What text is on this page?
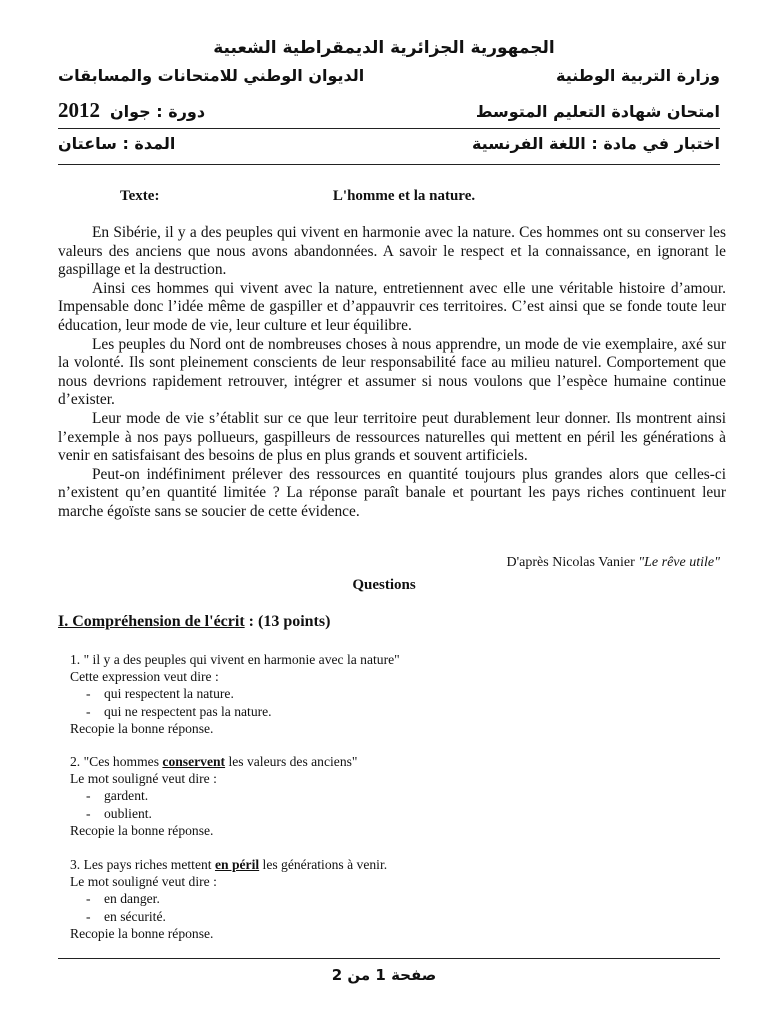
الجمهورية الجزائرية الديمقراطية الشعبية
الديوان الوطني للامتحانات والمسابقات	وزارة التربية الوطنية
2012 دورة : جوان	امتحان شهادة التعليم المتوسط
المدة : ساعتان	اختبار في مادة : اللغة الفرنسية
Texte:	L'homme et la nature.

En Sibérie, il y a des peuples qui vivent en harmonie avec la nature. Ces hommes ont su conserver les valeurs des anciens que nous avons abandonnées. A savoir le respect et la connaissance, en ignorant le gaspillage et la destruction.

Ainsi ces hommes qui vivent avec la nature, entretiennent avec elle une véritable histoire d’amour. Impensable donc l’idée même de gaspiller et d’appauvrir ces territoires. C’est ainsi que se fonde toute leur éducation, leur mode de vie, leur culture et leur équilibre.

Les peuples du Nord ont de nombreuses choses à nous apprendre, un mode de vie exemplaire, axé sur la volonté. Ils sont pleinement conscients de leur responsabilité face au milieu naturel. Comportement que nous devrions rapidement retrouver, intégrer et assumer si nous voulons que l’espèce humaine continue d’exister.

Leur mode de vie s’établit sur ce que leur territoire peut durablement leur donner. Ils montrent ainsi l’exemple à nos pays pollueurs, gaspilleurs de ressources naturelles qui mettent en péril les générations à venir en satisfaisant des besoins de plus en plus grands et souvent artificiels.

Peut-on indéfiniment prélever des ressources en quantité toujours plus grandes alors que celles-ci n’existent qu’en quantité limitée ? La réponse paraît banale et pourtant les pays riches continuent leur marche égoïste sans se soucier de cette évidence.

D'après Nicolas Vanier "Le rêve utile"
Questions
I. Compréhension de l'écrit : (13 points)
1. " il y a des peuples qui vivent en harmonie avec la nature"
Cette expression veut dire :
- qui respectent la nature.
- qui ne respectent pas la nature.
Recopie la bonne réponse.
2. "Ces hommes conservent les valeurs des anciens"
Le mot souligné veut dire :
- gardent.
- oublient.
Recopie la bonne réponse.
3. Les pays riches mettent en péril les générations à venir.
Le mot souligné veut dire :
- en danger.
- en sécurité.
Recopie la bonne réponse.
صفحة 1 من 2
